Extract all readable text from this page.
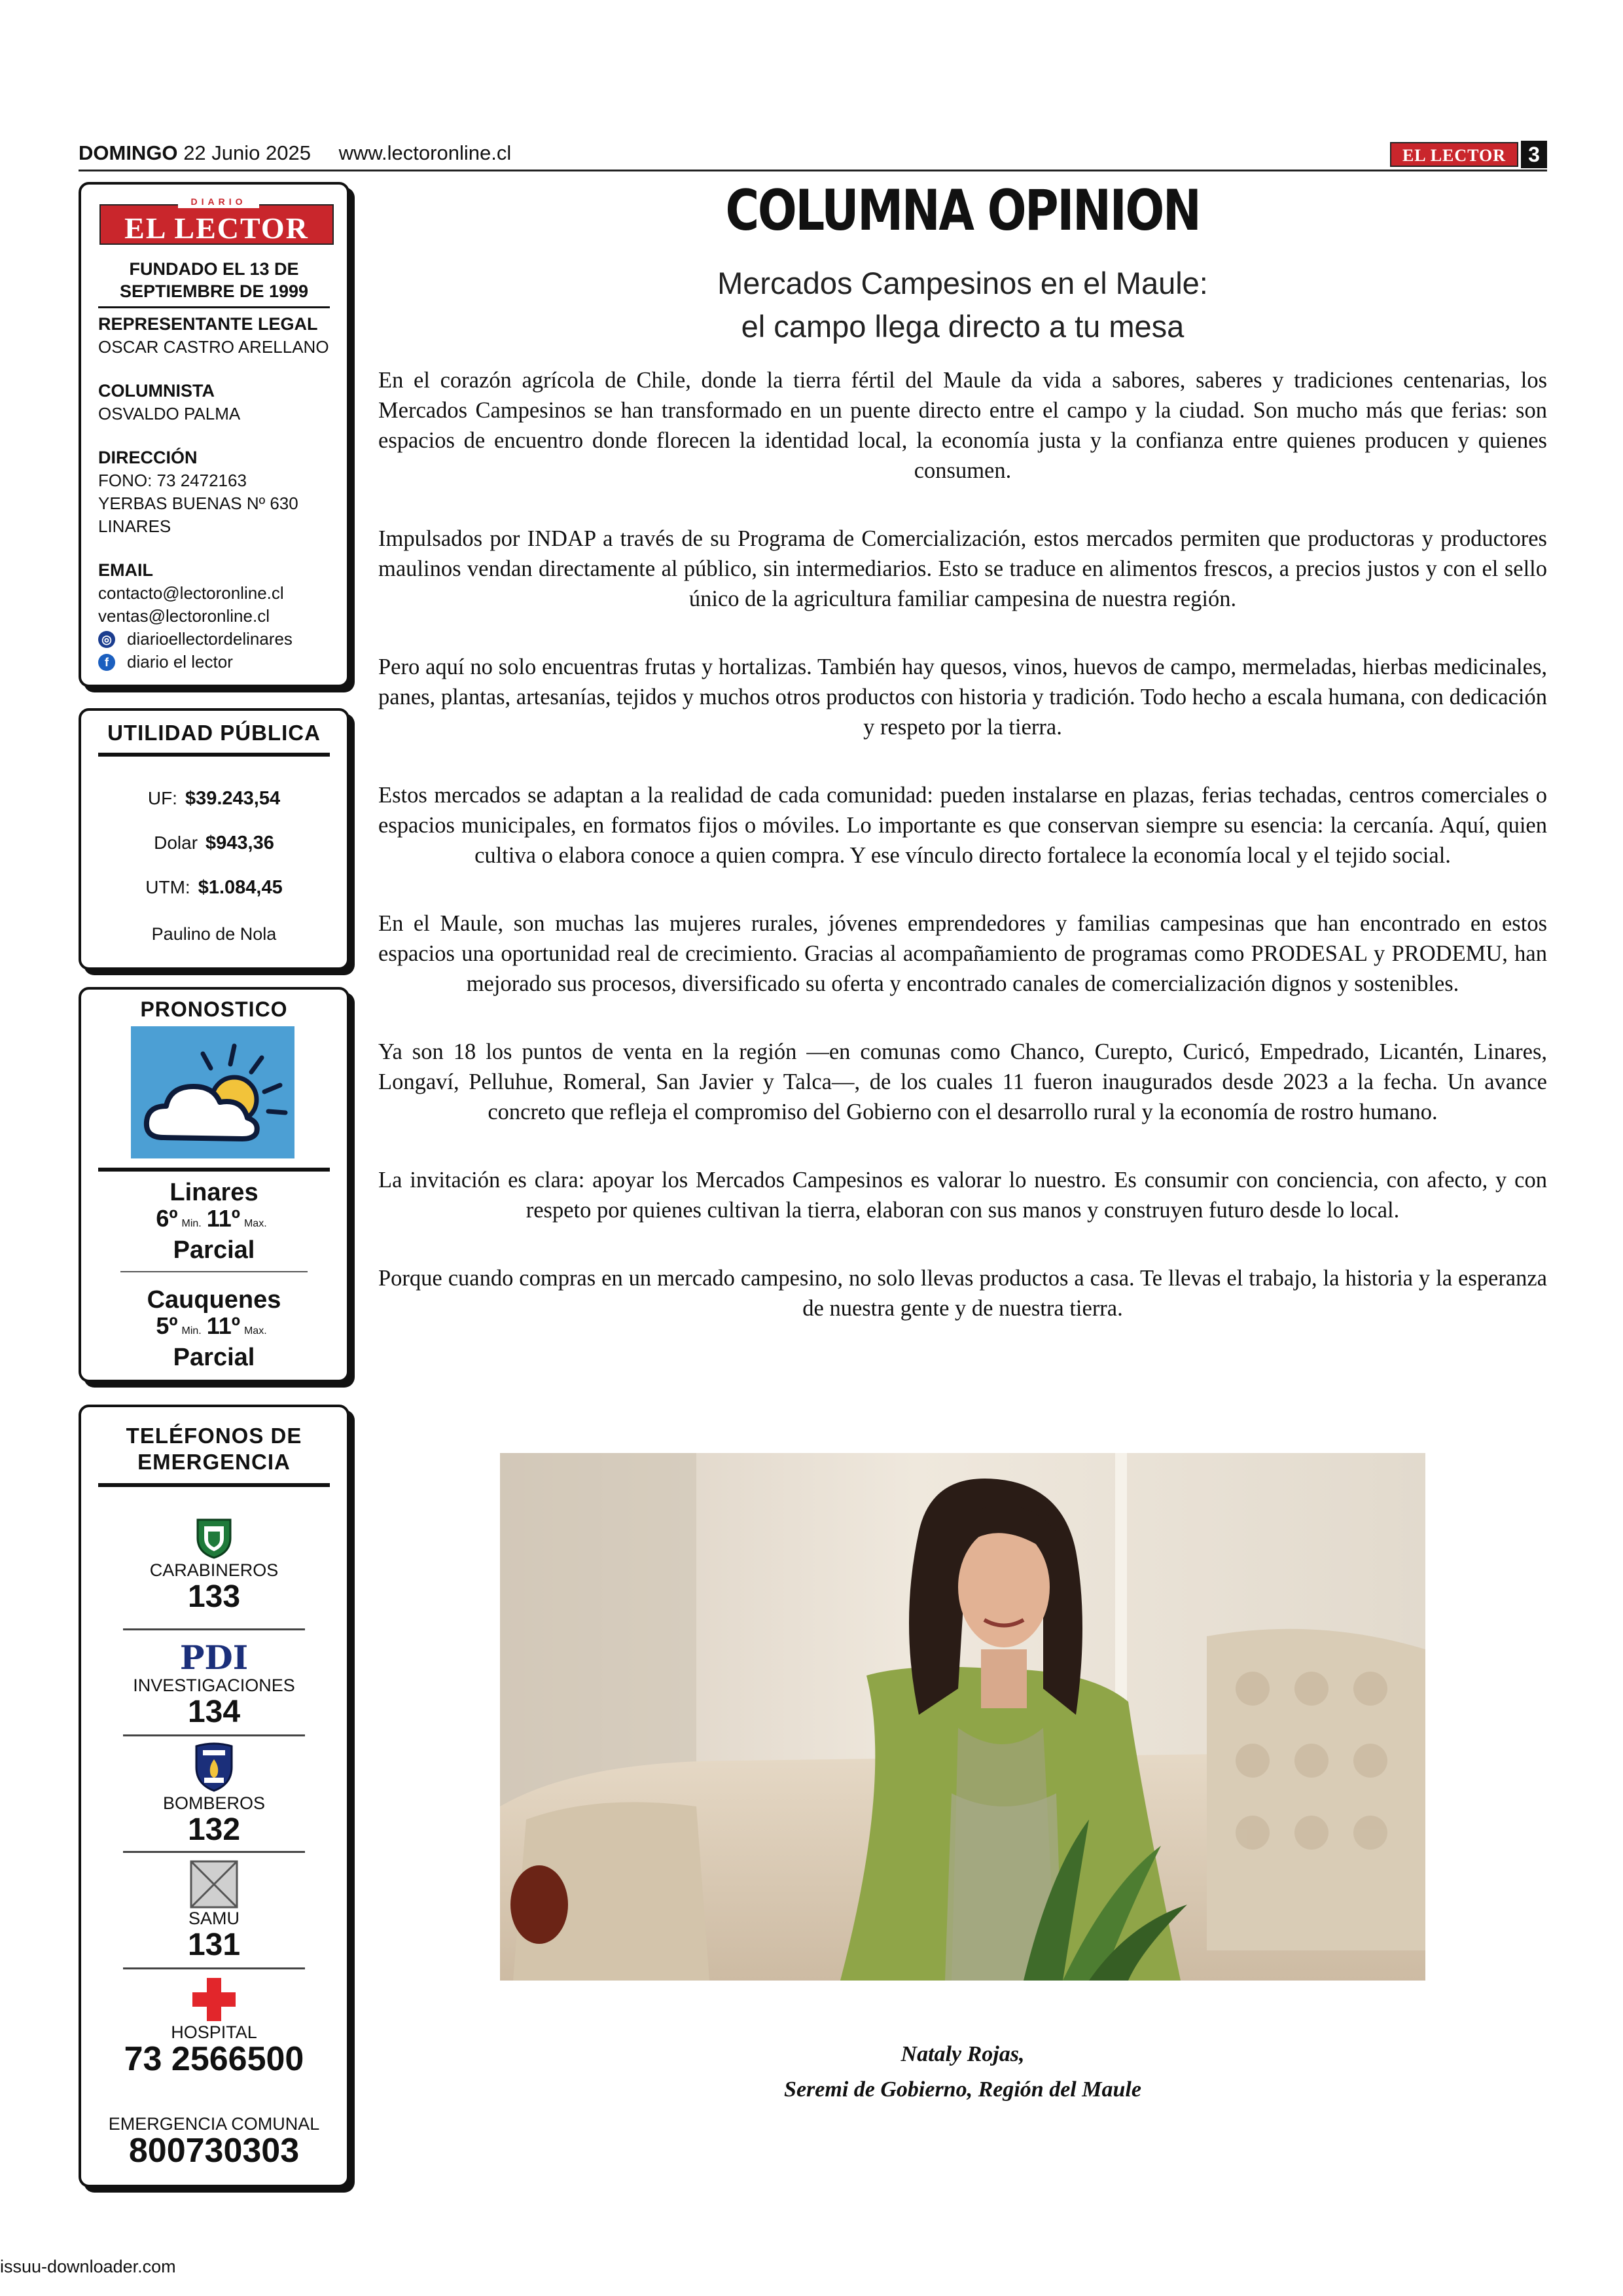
DOMINGO 22 Junio 2025 www.lectoronline.cl	EL LECTOR	3
DIARIO
EL LECTOR
FUNDADO EL 13 DE
SEPTIEMBRE DE 1999
REPRESENTANTE LEGAL
OSCAR CASTRO ARELLANO
COLUMNISTA
OSVALDO PALMA
DIRECCIÓN
FONO: 73 2472163
YERBAS BUENAS Nº 630
LINARES
EMAIL
contacto@lectoronline.cl
ventas@lectoronline.cl
◎ diarioellectordelinares
f	diario el lector
UTILIDAD PÚBLICA
UF: $39.243,54
Dolar $943,36
UTM: $1.084,45
Paulino de Nola
PRONOSTICO
Linares
6º Min. 11º Max.
Parcial
Cauquenes
5º Min. 11º Max.
Parcial
TELÉFONOS DE
EMERGENCIA
CARABINEROS
133
PDI
INVESTIGACIONES
134
BOMBEROS
132
SAMU
131
HOSPITAL
73 2566500
EMERGENCIA COMUNAL
800730303
COLUMNA OPINION
Mercados Campesinos en el Maule:
el campo llega directo a tu mesa

En el corazón agrícola de Chile, donde la tierra fértil del Maule da vida a sabores, saberes y tradiciones centenarias, los Mercados Campesinos se han transformado en un puente directo entre el campo y la ciudad. Son mucho más que ferias: son espacios de encuentro donde florecen la identidad local, la economía justa y la confianza entre quienes producen y quienes consumen.

Impulsados por INDAP a través de su Programa de Comercialización, estos mercados permiten que productoras y productores maulinos vendan directamente al público, sin intermediarios. Esto se traduce en alimentos frescos, a precios justos y con el sello único de la agricultura familiar campesina de nuestra región.

Pero aquí no solo encuentras frutas y hortalizas. También hay quesos, vinos, huevos de campo, mermeladas, hierbas medicinales, panes, plantas, artesanías, tejidos y muchos otros productos con historia y tradición. Todo hecho a escala humana, con dedicación y respeto por la tierra.

Estos mercados se adaptan a la realidad de cada comunidad: pueden instalarse en plazas, ferias techadas, centros comerciales o espacios municipales, en formatos fijos o móviles. Lo importante es que conservan siempre su esencia: la cercanía. Aquí, quien cultiva o elabora conoce a quien compra. Y ese vínculo directo fortalece la economía local y el tejido social.

En el Maule, son muchas las mujeres rurales, jóvenes emprendedores y familias campesinas que han encontrado en estos espacios una oportunidad real de crecimiento. Gracias al acompañamiento de programas como PRODESAL y PRODEMU, han mejorado sus procesos, diversificado su oferta y encontrado canales de comercialización dignos y sostenibles.

Ya son 18 los puntos de venta en la región —en comunas como Chanco, Curepto, Curicó, Empedrado, Licantén, Linares, Longaví, Pelluhue, Romeral, San Javier y Talca—, de los cuales 11 fueron inaugurados desde 2023 a la fecha. Un avance concreto que refleja el compromiso del Gobierno con el desarrollo rural y la economía de rostro humano.

La invitación es clara: apoyar los Mercados Campesinos es valorar lo nuestro. Es consumir con conciencia, con afecto, y con respeto por quienes cultivan la tierra, elaboran con sus manos y construyen futuro desde lo local.

Porque cuando compras en un mercado campesino, no solo llevas productos a casa. Te llevas el trabajo, la historia y la esperanza de nuestra gente y de nuestra tierra.

Nataly Rojas,
Seremi de Gobierno, Región del Maule
issuu-downloader.com
